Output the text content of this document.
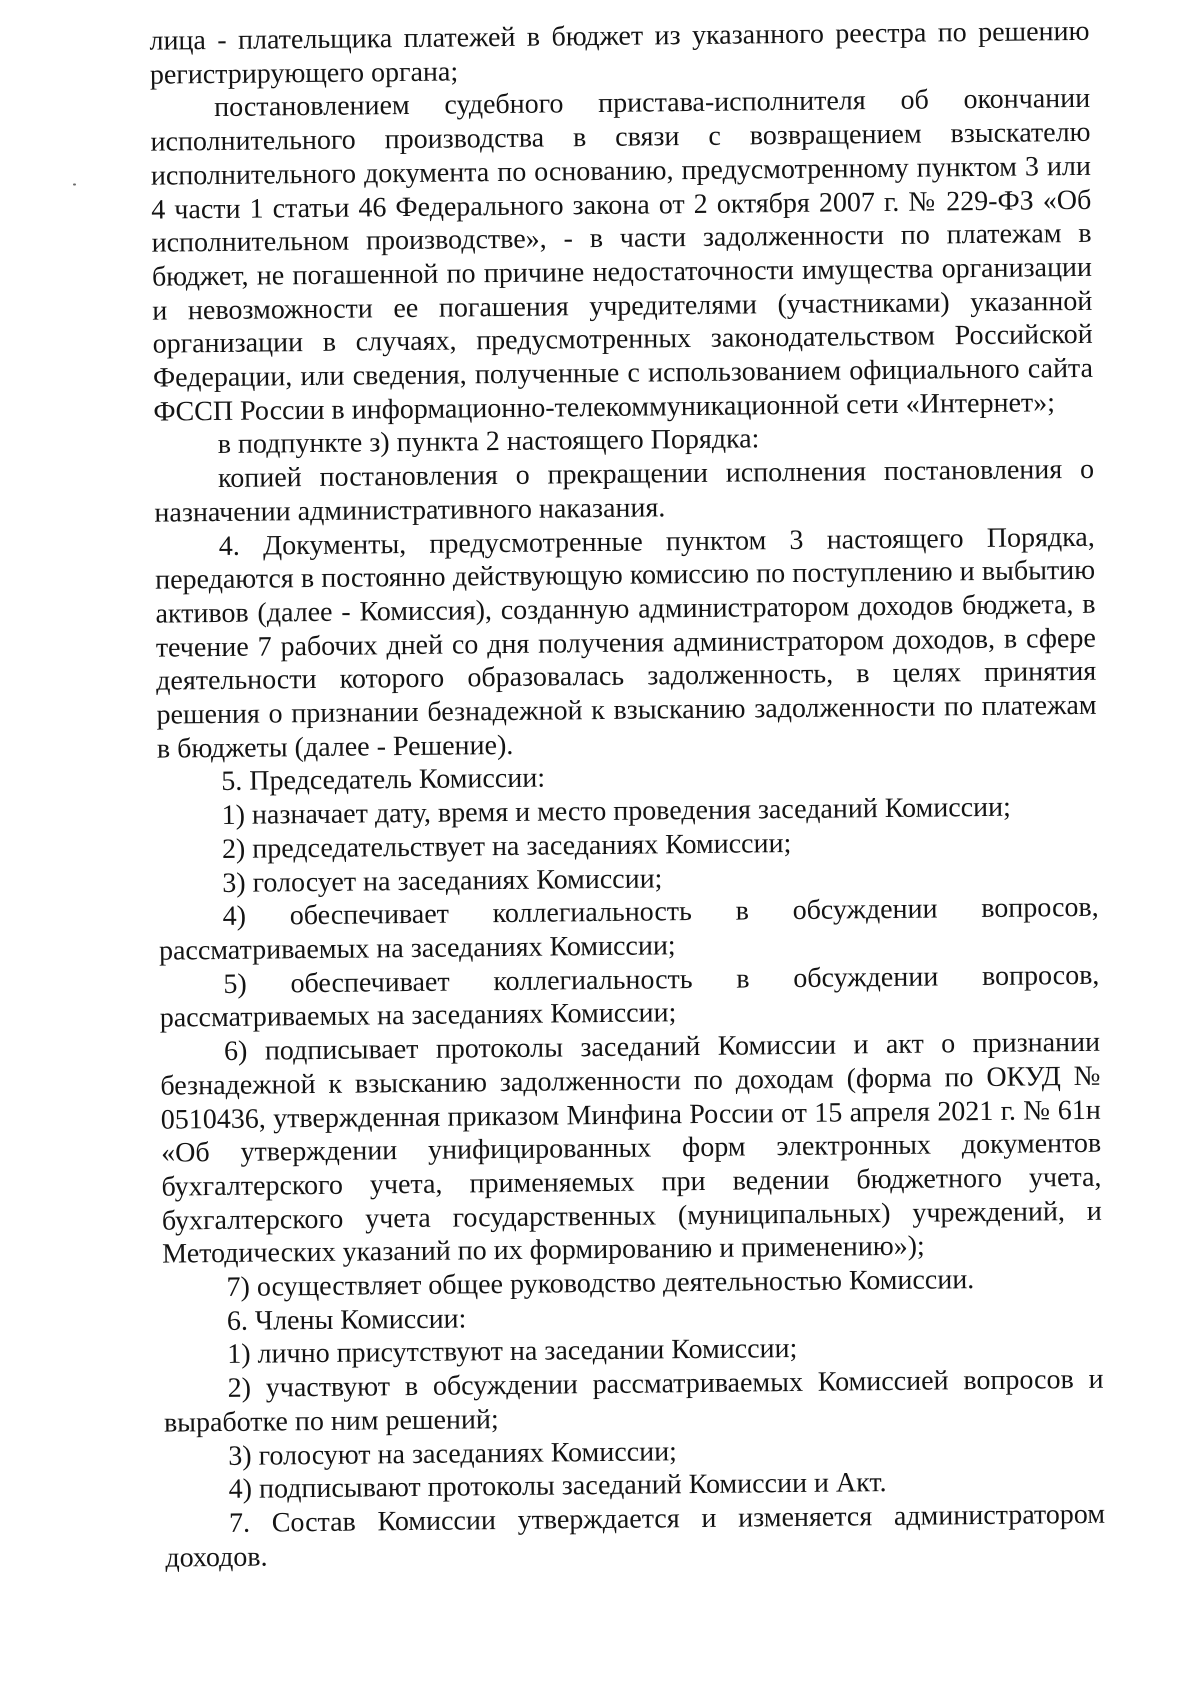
лица - плательщика платежей в бюджет из указанного реестра по решению регистрирующего органа;

постановлением судебного пристава-исполнителя об окончании исполнительного производства в связи с возвращением взыскателю исполнительного документа по основанию, предусмотренному пунктом 3 или 4 части 1 статьи 46 Федерального закона от 2 октября 2007 г. № 229-ФЗ «Об исполнительном производстве», - в части задолженности по платежам в бюджет, не погашенной по причине недостаточности имущества организации и невозможности ее погашения учредителями (участниками) указанной организации в случаях, предусмотренных законодательством Российской Федерации, или сведения, полученные с использованием официального сайта ФССП России в информационно-телекоммуникационной сети «Интернет»;

в подпункте з) пункта 2 настоящего Порядка:

копией постановления о прекращении исполнения постановления о назначении административного наказания.

4. Документы, предусмотренные пунктом 3 настоящего Порядка, передаются в постоянно действующую комиссию по поступлению и выбытию активов (далее - Комиссия), созданную администратором доходов бюджета, в течение 7 рабочих дней со дня получения администратором доходов, в сфере деятельности которого образовалась задолженность, в целях принятия решения о признании безнадежной к взысканию задолженности по платежам в бюджеты (далее - Решение).

5. Председатель Комиссии:

1) назначает дату, время и место проведения заседаний Комиссии;

2) председательствует на заседаниях Комиссии;

3) голосует на заседаниях Комиссии;

4) обеспечивает коллегиальность в обсуждении вопросов, рассматриваемых на заседаниях Комиссии;

5) обеспечивает коллегиальность в обсуждении вопросов, рассматриваемых на заседаниях Комиссии;

6) подписывает протоколы заседаний Комиссии и акт о признании безнадежной к взысканию задолженности по доходам (форма по ОКУД № 0510436, утвержденная приказом Минфина России от 15 апреля 2021 г. № 61н «Об утверждении унифицированных форм электронных документов бухгалтерского учета, применяемых при ведении бюджетного учета, бухгалтерского учета государственных (муниципальных) учреждений, и Методических указаний по их формированию и применению»);

7) осуществляет общее руководство деятельностью Комиссии.

6. Члены Комиссии:

1) лично присутствуют на заседании Комиссии;

2) участвуют в обсуждении рассматриваемых Комиссией вопросов и выработке по ним решений;

3) голосуют на заседаниях Комиссии;

4) подписывают протоколы заседаний Комиссии и Акт.

7. Состав Комиссии утверждается и изменяется администратором доходов.
